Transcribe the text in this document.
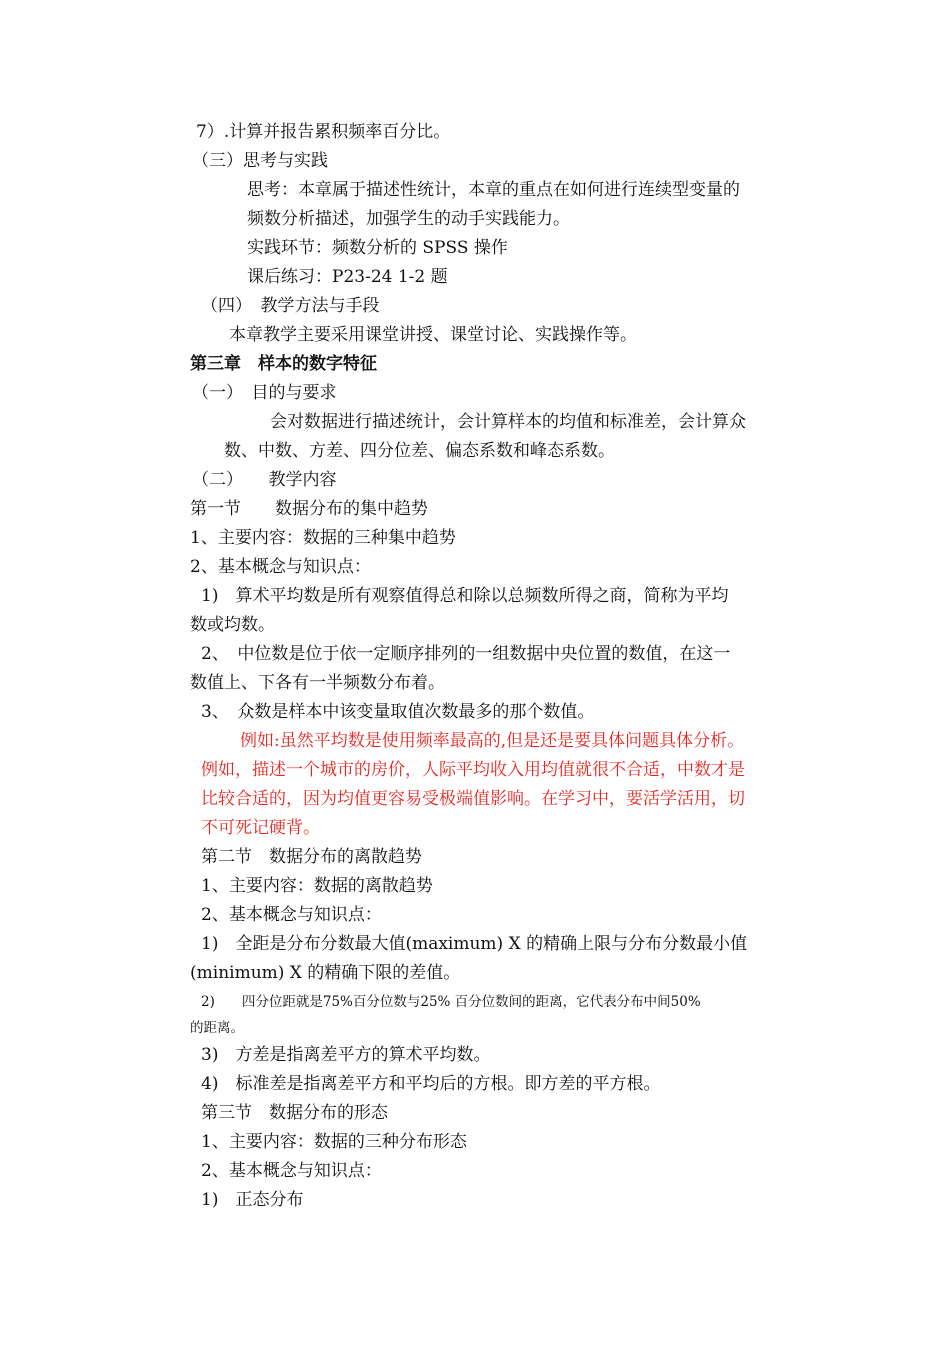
7）.计算并报告累积频率百分比。
（三）思考与实践
思考：本章属于描述性统计，本章的重点在如何进行连续型变量的
频数分析描述，加强学生的动手实践能力。
实践环节：频数分析的 SPSS 操作
课后练习：P23-24 1-2 题
（四）　教学方法与手段
本章教学主要采用课堂讲授、课堂讨论、实践操作等。
第三章　样本的数字特征
（一）　目的与要求
会对数据进行描述统计，会计算样本的均值和标准差，会计算众
数、中数、方差、四分位差、偏态系数和峰态系数。
（二）　　教学内容
第一节　　数据分布的集中趋势
1、主要内容：数据的三种集中趋势
2、基本概念与知识点：
1)　算术平均数是所有观察值得总和除以总频数所得之商，简称为平均
数或均数。
2、　中位数是位于依一定顺序排列的一组数据中央位置的数值，在这一
数值上、下各有一半频数分布着。
3、　众数是样本中该变量取值次数最多的那个数值。
例如:虽然平均数是使用频率最高的,但是还是要具体问题具体分析。
例如，描述一个城市的房价，人际平均收入用均值就很不合适，中数才是
比较合适的，因为均值更容易受极端值影响。在学习中，要活学活用，切
不可死记硬背。
第二节　数据分布的离散趋势
1、主要内容：数据的离散趋势
2、基本概念与知识点：
1)　全距是分布分数最大值(maximum) X 的精确上限与分布分数最小值
(minimum) X 的精确下限的差值。
2)　　四分位距就是75%百分位数与25% 百分位数间的距离，它代表分布中间50%
的距离。
3)　方差是指离差平方的算术平均数。
4)　标准差是指离差平方和平均后的方根。即方差的平方根。
第三节　数据分布的形态
1、主要内容：数据的三种分布形态
2、基本概念与知识点：
1)　正态分布
